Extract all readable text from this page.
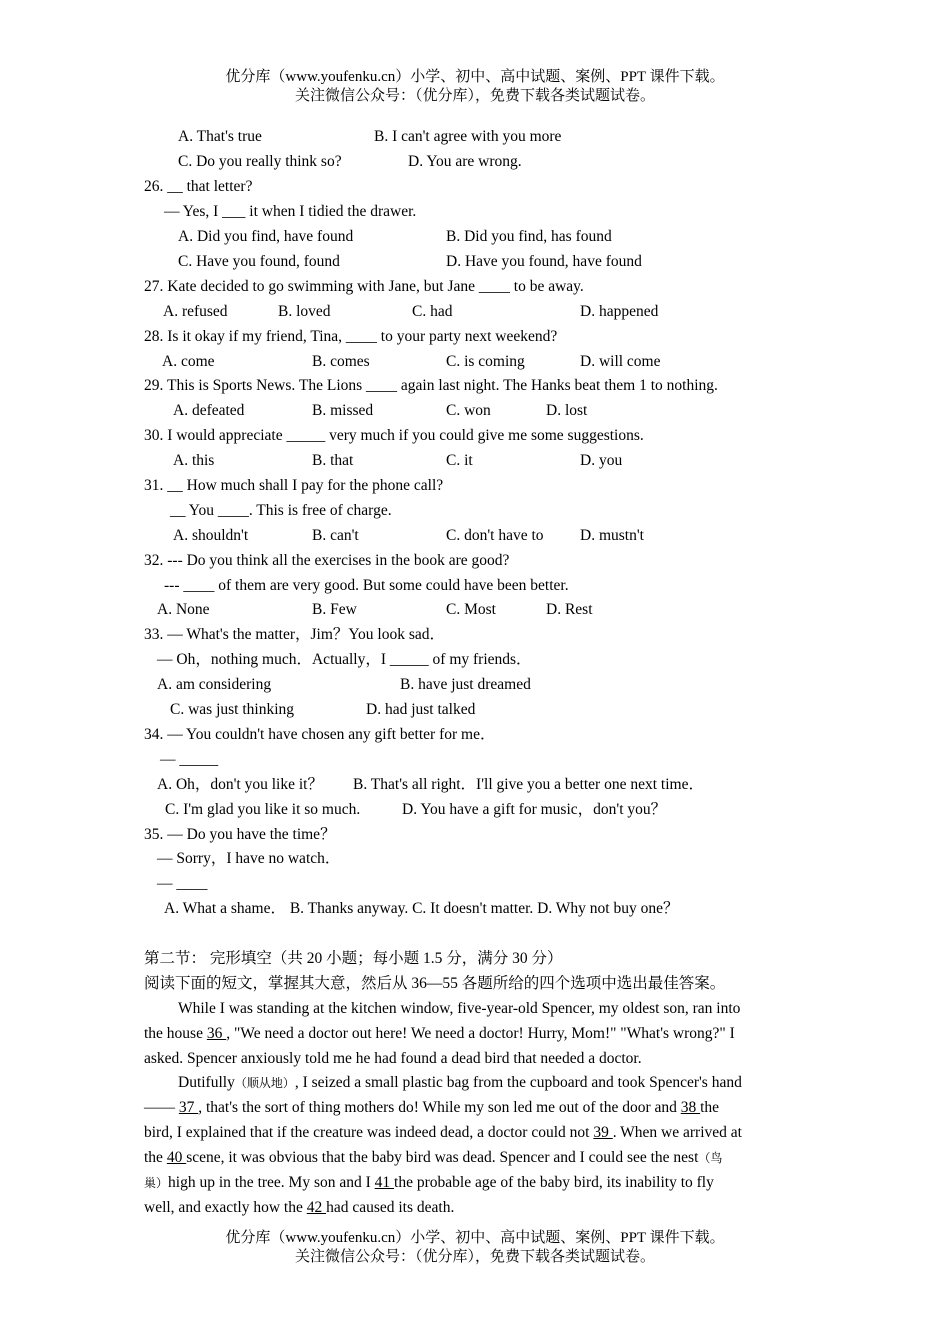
优分库（www.youfenku.cn）小学、初中、高中试题、案例、PPT 课件下载。
关注微信公众号：（优分库），免费下载各类试题试卷。
A. That's true	B. I can't agree with you more
C. Do you really think so?	D. You are wrong.
26. __ that letter?
— Yes, I ___ it when I tidied the drawer.
A. Did you find, have found	B. Did you find, has found
C. Have you found, found	D. Have you found, have found
27. Kate decided to go swimming with Jane, but Jane ____ to be away.
A. refused	B. loved	C. had	D. happened
28. Is it okay if my friend, Tina, ____ to your party next weekend?
A. come	B. comes	C. is coming	D. will come
29. This is Sports News. The Lions ____ again last night. The Hanks beat them 1 to nothing.
A. defeated	B. missed	C. won	D. lost
30. I would appreciate _____ very much if you could give me some suggestions.
A. this	B. that	C. it	D. you
31. __ How much shall I pay for the phone call?
__ You ____. This is free of charge.
A. shouldn't	B. can't	C. don't have to D. mustn't
32. --- Do you think all the exercises in the book are good?
--- ____ of them are very good. But some could have been better.
A. None	B. Few	C. Most	D. Rest
33. — What's the matter，Jim？You look sad．
— Oh，nothing much．Actually，I _____ of my friends．
A. am considering	B. have just dreamed
C. was just thinking	D. had just talked
34. — You couldn't have chosen any gift better for me．
— _____
A. Oh，don't you like it？ B. That's all right．I'll give you a better one next time．
C. I'm glad you like it so much.	D. You have a gift for music，don't you？
35. — Do you have the time？
— Sorry，I have no watch．
— ____
A. What a shame． B. Thanks anyway. C. It doesn't matter. D. Why not buy one？
第二节： 完形填空（共 20 小题；每小题 1.5 分，满分 30 分）
阅读下面的短文，掌握其大意，然后从 36—55 各题所给的四个选项中选出最佳答案。
While I was standing at the kitchen window, five-year-old Spencer, my oldest son, ran into
the house 36 , "We need a doctor out here! We need a doctor! Hurry, Mom!" "What's wrong?" I
asked. Spencer anxiously told me he had found a dead bird that needed a doctor.
Dutifully（顺从地）, I seized a small plastic bag from the cupboard and took Spencer's hand
—— 37 , that's the sort of thing mothers do! While my son led me out of the door and 38 the
bird, I explained that if the creature was indeed dead, a doctor could not 39 . When we arrived at
the 40 scene, it was obvious that the baby bird was dead. Spencer and I could see the nest（鸟
巢）high up in the tree. My son and I 41 the probable age of the baby bird, its inability to fly
well, and exactly how the 42 had caused its death.
优分库（www.youfenku.cn）小学、初中、高中试题、案例、PPT 课件下载。
关注微信公众号：（优分库），免费下载各类试题试卷。
